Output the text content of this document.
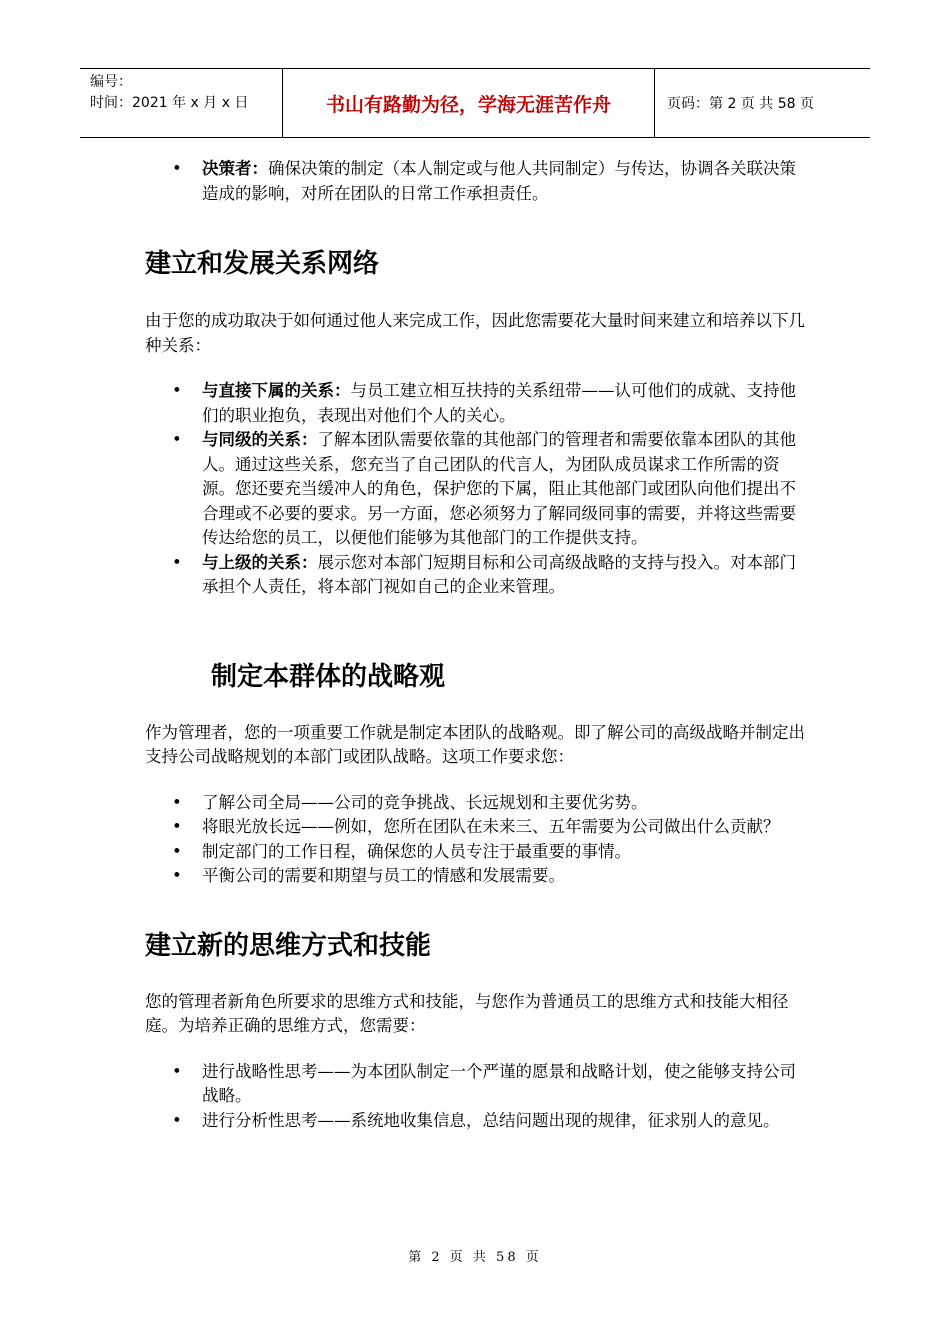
编号：
时间：2021 年 x 月 x 日	书山有路勤为径，学海无涯苦作舟	页码：第 2 页 共 58 页
• 决策者：确保决策的制定（本人制定或与他人共同制定）与传达，协调各关联决策造成的影响，对所在团队的日常工作承担责任。
建立和发展关系网络

由于您的成功取决于如何通过他人来完成工作，因此您需要花大量时间来建立和培养以下几种关系：

• 与直接下属的关系：与员工建立相互扶持的关系纽带——认可他们的成就、支持他们的职业抱负，表现出对他们个人的关心。
• 与同级的关系：了解本团队需要依靠的其他部门的管理者和需要依靠本团队的其他人。通过这些关系，您充当了自己团队的代言人，为团队成员谋求工作所需的资源。您还要充当缓冲人的角色，保护您的下属，阻止其他部门或团队向他们提出不合理或不必要的要求。另一方面，您必须努力了解同级同事的需要，并将这些需要传达给您的员工，以便他们能够为其他部门的工作提供支持。
• 与上级的关系：展示您对本部门短期目标和公司高级战略的支持与投入。对本部门承担个人责任，将本部门视如自己的企业来管理。
制定本群体的战略观

作为管理者，您的一项重要工作就是制定本团队的战略观。即了解公司的高级战略并制定出支持公司战略规划的本部门或团队战略。这项工作要求您：

• 了解公司全局——公司的竞争挑战、长远规划和主要优劣势。
• 将眼光放长远——例如，您所在团队在未来三、五年需要为公司做出什么贡献？
• 制定部门的工作日程，确保您的人员专注于最重要的事情。
• 平衡公司的需要和期望与员工的情感和发展需要。
建立新的思维方式和技能

您的管理者新角色所要求的思维方式和技能，与您作为普通员工的思维方式和技能大相径庭。为培养正确的思维方式，您需要：

• 进行战略性思考——为本团队制定一个严谨的愿景和战略计划，使之能够支持公司战略。
• 进行分析性思考——系统地收集信息，总结问题出现的规律，征求别人的意见。
第 2 页 共 58 页
